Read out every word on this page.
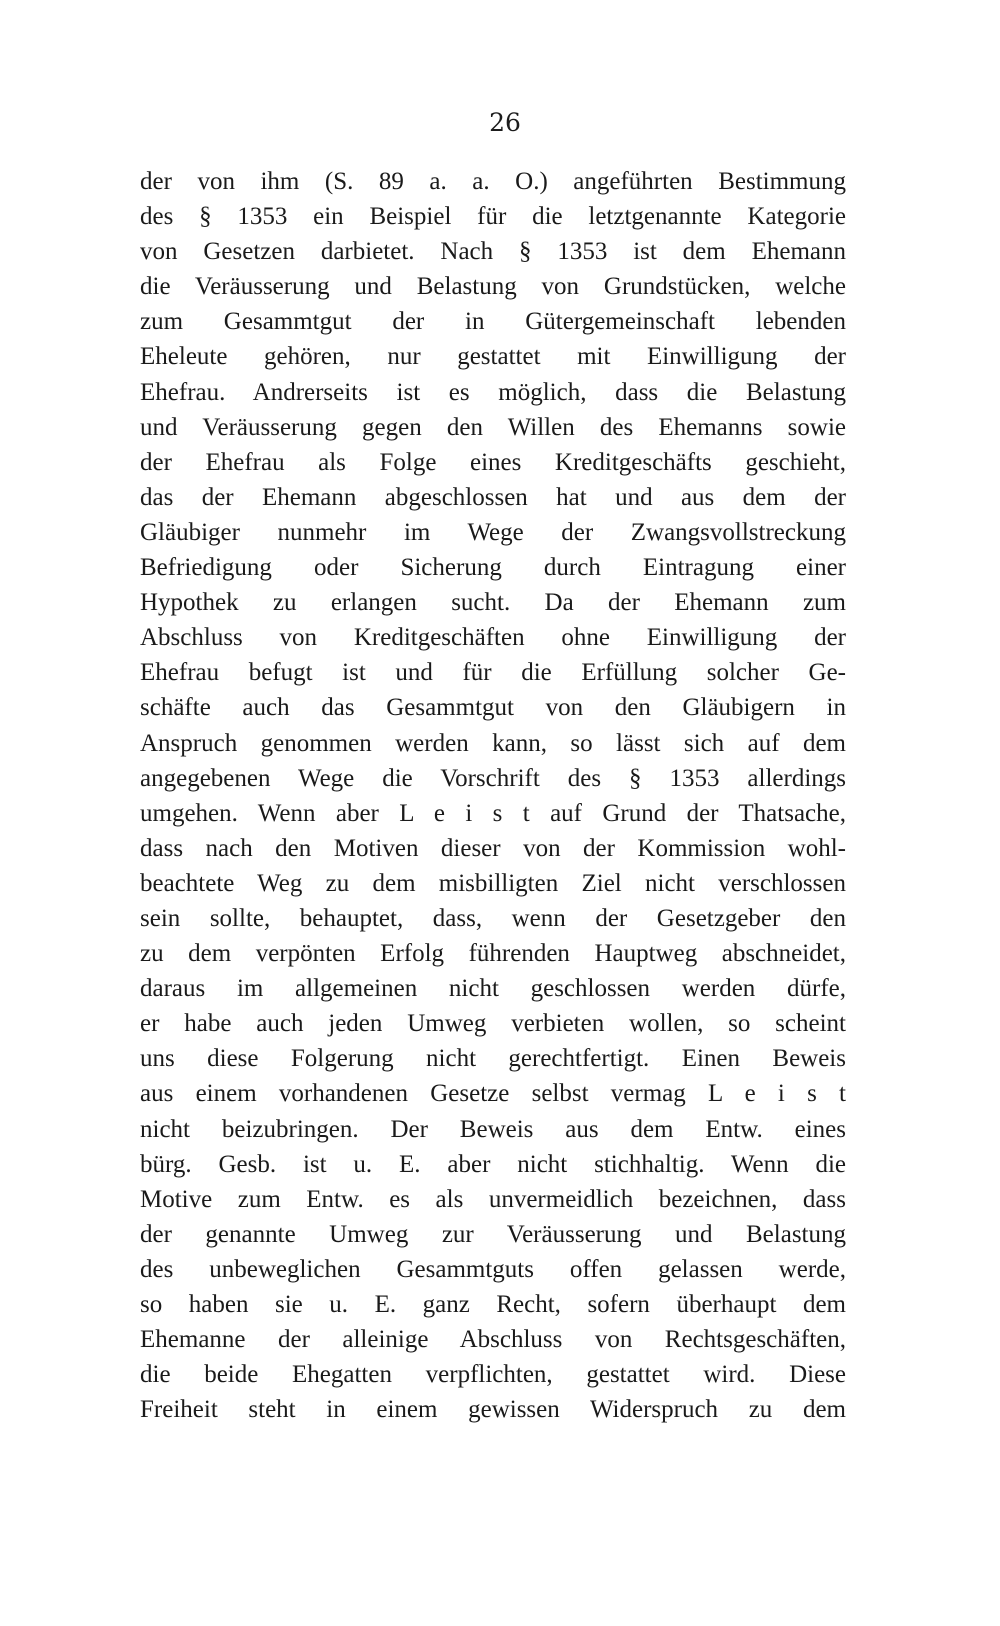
26
der von ihm (S. 89 a. a. O.) angeführten Bestimmung
des § 1353 ein Beispiel für die letztgenannte Kategorie
von Gesetzen darbietet. Nach § 1353 ist dem Ehemann
die Veräusserung und Belastung von Grundstücken, welche
zum Gesammtgut der in Gütergemeinschaft lebenden
Eheleute gehören, nur gestattet mit Einwilligung der
Ehefrau. Andrerseits ist es möglich, dass die Belastung
und Veräusserung gegen den Willen des Ehemanns sowie
der Ehefrau als Folge eines Kreditgeschäfts geschieht,
das der Ehemann abgeschlossen hat und aus dem der
Gläubiger nunmehr im Wege der Zwangsvollstreckung
Befriedigung oder Sicherung durch Eintragung einer
Hypothek zu erlangen sucht. Da der Ehemann zum
Abschluss von Kreditgeschäften ohne Einwilligung der
Ehefrau befugt ist und für die Erfüllung solcher Ge-
schäfte auch das Gesammtgut von den Gläubigern in
Anspruch genommen werden kann, so lässt sich auf dem
angegebenen Wege die Vorschrift des § 1353 allerdings
umgehen. Wenn aber L e i s t auf Grund der Thatsache,
dass nach den Motiven dieser von der Kommission wohl-
beachtete Weg zu dem misbilligten Ziel nicht verschlossen
sein sollte, behauptet, dass, wenn der Gesetzgeber den
zu dem verpönten Erfolg führenden Hauptweg abschneidet,
daraus im allgemeinen nicht geschlossen werden dürfe,
er habe auch jeden Umweg verbieten wollen, so scheint
uns diese Folgerung nicht gerechtfertigt. Einen Beweis
aus einem vorhandenen Gesetze selbst vermag L e i s t
nicht beizubringen. Der Beweis aus dem Entw. eines
bürg. Gesb. ist u. E. aber nicht stichhaltig. Wenn die
Motive zum Entw. es als unvermeidlich bezeichnen, dass
der genannte Umweg zur Veräusserung und Belastung
des unbeweglichen Gesammtguts offen gelassen werde,
so haben sie u. E. ganz Recht, sofern überhaupt dem
Ehemanne der alleinige Abschluss von Rechtsgeschäften,
die beide Ehegatten verpflichten, gestattet wird. Diese
Freiheit steht in einem gewissen Widerspruch zu dem
